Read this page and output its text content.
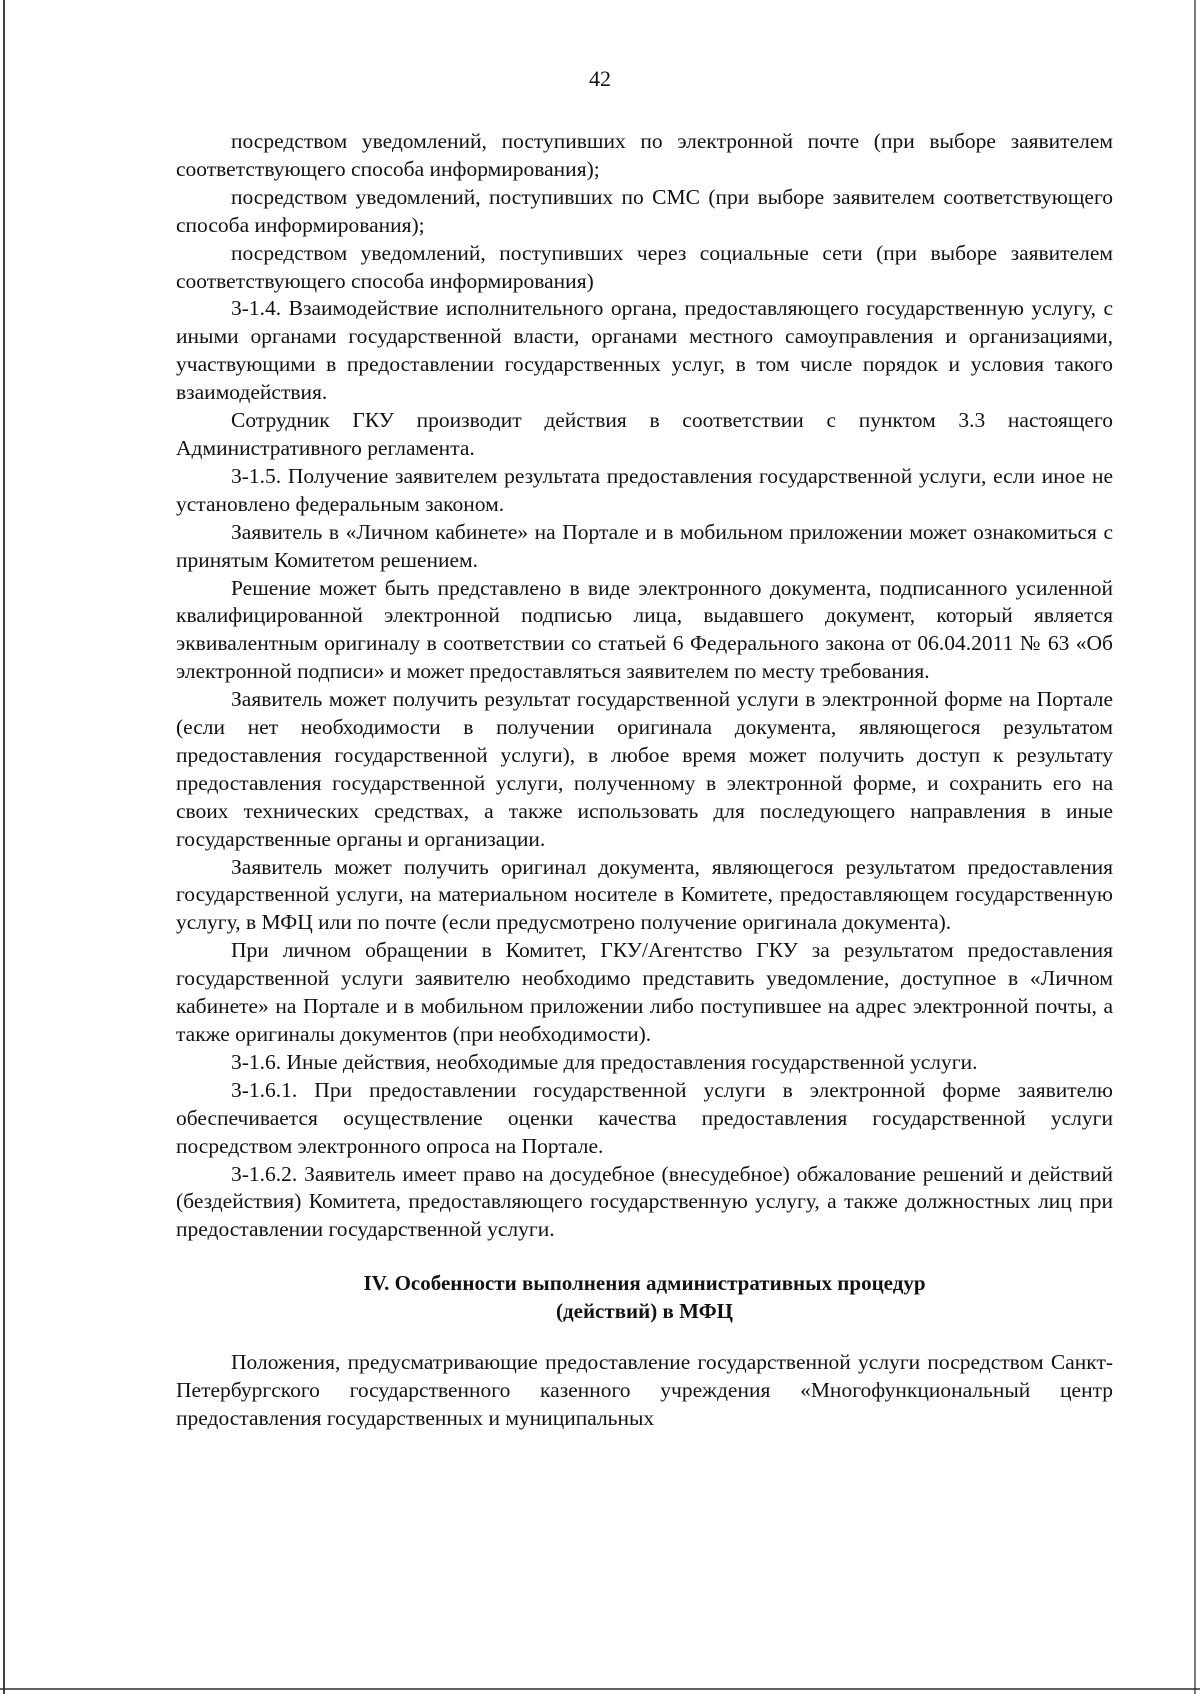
42

посредством уведомлений, поступивших по электронной почте (при выборе заявителем соответствующего способа информирования);

посредством уведомлений, поступивших по СМС (при выборе заявителем соответствующего способа информирования);

посредством уведомлений, поступивших через социальные сети (при выборе заявителем соответствующего способа информирования)

3-1.4. Взаимодействие исполнительного органа, предоставляющего государственную услугу, с иными органами государственной власти, органами местного самоуправления и организациями, участвующими в предоставлении государственных услуг, в том числе порядок и условия такого взаимодействия.

Сотрудник ГКУ производит действия в соответствии с пунктом 3.3 настоящего Административного регламента.

3-1.5. Получение заявителем результата предоставления государственной услуги, если иное не установлено федеральным законом.

Заявитель в «Личном кабинете» на Портале и в мобильном приложении может ознакомиться с принятым Комитетом решением.

Решение может быть представлено в виде электронного документа, подписанного усиленной квалифицированной электронной подписью лица, выдавшего документ, который является эквивалентным оригиналу в соответствии со статьей 6 Федерального закона от 06.04.2011 № 63 «Об электронной подписи» и может предоставляться заявителем по месту требования.

Заявитель может получить результат государственной услуги в электронной форме на Портале (если нет необходимости в получении оригинала документа, являющегося результатом предоставления государственной услуги), в любое время может получить доступ к результату предоставления государственной услуги, полученному в электронной форме, и сохранить его на своих технических средствах, а также использовать для последующего направления в иные государственные органы и организации.

Заявитель может получить оригинал документа, являющегося результатом предоставления государственной услуги, на материальном носителе в Комитете, предоставляющем государственную услугу, в МФЦ или по почте (если предусмотрено получение оригинала документа).

При личном обращении в Комитет, ГКУ/Агентство ГКУ за результатом предоставления государственной услуги заявителю необходимо представить уведомление, доступное в «Личном кабинете» на Портале и в мобильном приложении либо поступившее на адрес электронной почты, а также оригиналы документов (при необходимости).

3-1.6. Иные действия, необходимые для предоставления государственной услуги.

3-1.6.1. При предоставлении государственной услуги в электронной форме заявителю обеспечивается осуществление оценки качества предоставления государственной услуги посредством электронного опроса на Портале.

3-1.6.2. Заявитель имеет право на досудебное (внесудебное) обжалование решений и действий (бездействия) Комитета, предоставляющего государственную услугу, а также должностных лиц при предоставлении государственной услуги.

IV. Особенности выполнения административных процедур
(действий) в МФЦ

Положения, предусматривающие предоставление государственной услуги посредством Санкт-Петербургского государственного казенного учреждения «Многофункциональный центр предоставления государственных и муниципальных
